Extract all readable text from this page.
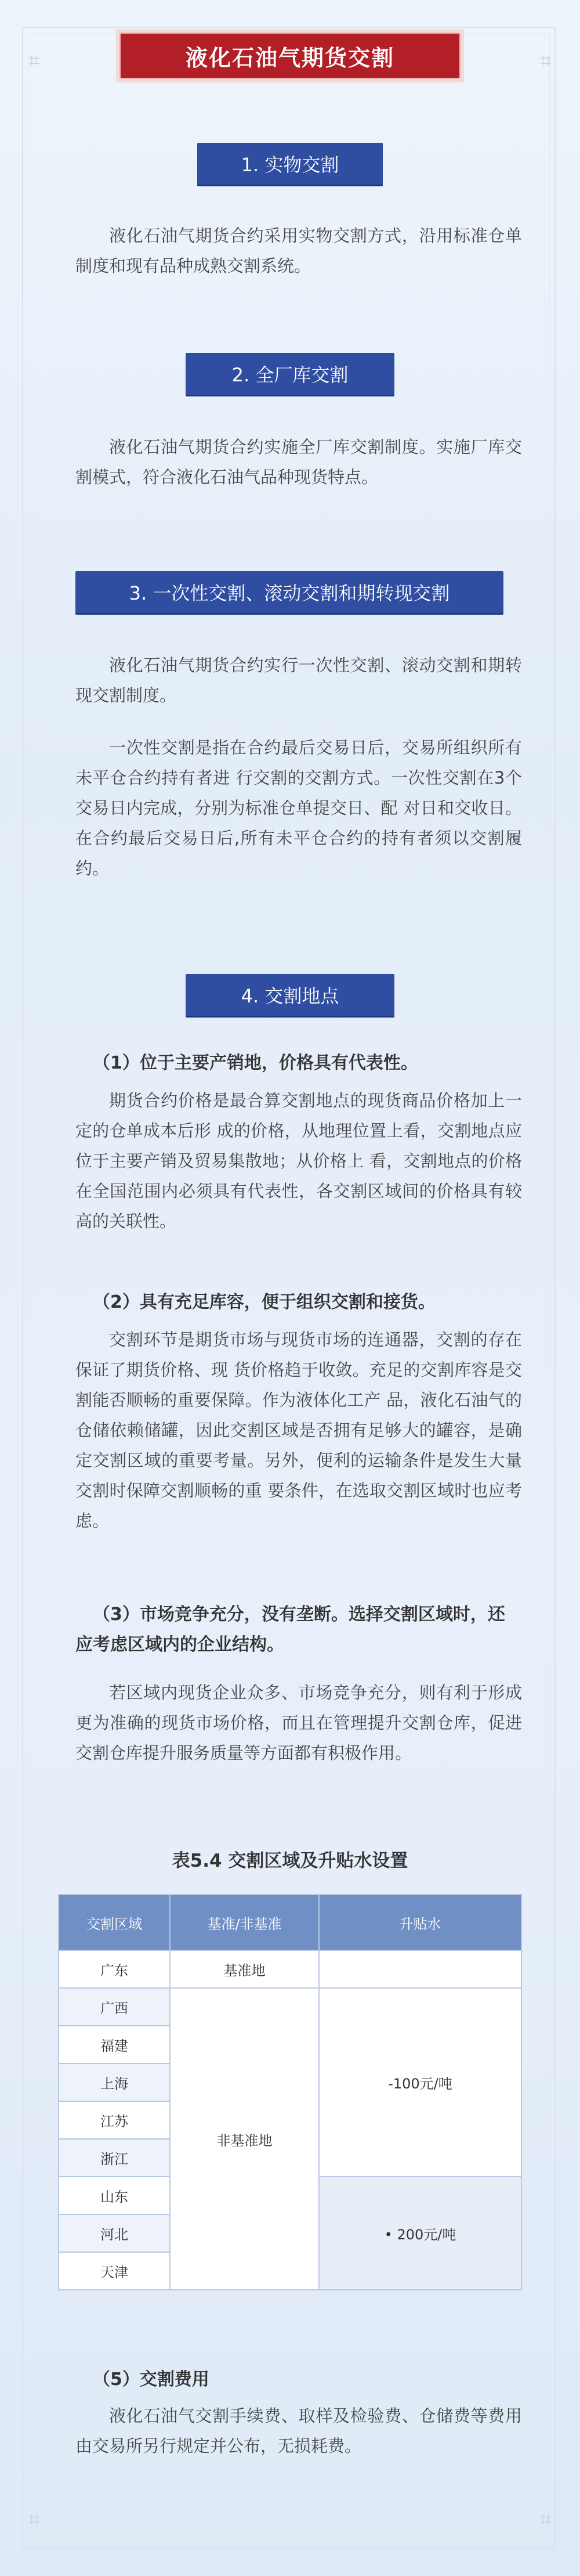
⌗	⌗
⌗	⌗
液化石油气期货交割
1. 实物交割
液化石油气期货合约采用实物交割方式，沿用标准仓单制度和现有品种成熟交割系统。
2. 全厂库交割
液化石油气期货合约实施全厂库交割制度。实施厂库交割模式，符合液化石油气品种现货特点。
3. 一次性交割、滚动交割和期转现交割
液化石油气期货合约实行一次性交割、滚动交割和期转现交割制度。
一次性交割是指在合约最后交易日后，交易所组织所有未平仓合约持有者进 行交割的交割方式。一次性交割在3个交易日内完成，分别为标准仓单提交日、配 对日和交收日。在合约最后交易日后,所有未平仓合约的持有者须以交割履约。
4. 交割地点
（1）位于主要产销地，价格具有代表性。
期货合约价格是最合算交割地点的现货商品价格加上一定的仓单成本后形 成的价格，从地理位置上看，交割地点应位于主要产销及贸易集散地；从价格上 看，交割地点的价格在全国范围内必须具有代表性，各交割区域间的价格具有较 高的关联性。
（2）具有充足库容，便于组织交割和接货。
交割环节是期货市场与现货市场的连通器，交割的存在保证了期货价格、现 货价格趋于收敛。充足的交割库容是交割能否顺畅的重要保障。作为液体化工产 品，液化石油气的仓储依赖储罐，因此交割区域是否拥有足够大的罐容，是确定交割区域的重要考量。另外，便利的运输条件是发生大量交割时保障交割顺畅的重 要条件，在选取交割区域时也应考虑。
（3）市场竞争充分，没有垄断。选择交割区域时，还应考虑区域内的企业结构。
若区域内现货企业众多、市场竞争充分，则有利于形成更为准确的现货市场价格，而且在管理提升交割仓库，促进交割仓库提升服务质量等方面都有积极作用。
表5.4 交割区域及升贴水设置
交割区域	基准/非基准	升贴水
广东	基准地	
广西	非基准地	-100元/吨
福建		
上海		
江苏		
浙江		
山东		• 200元/吨
河北		
天津		
（5）交割费用
液化石油气交割手续费、取样及检验费、仓储费等费用由交易所另行规定并公布，无损耗费。
